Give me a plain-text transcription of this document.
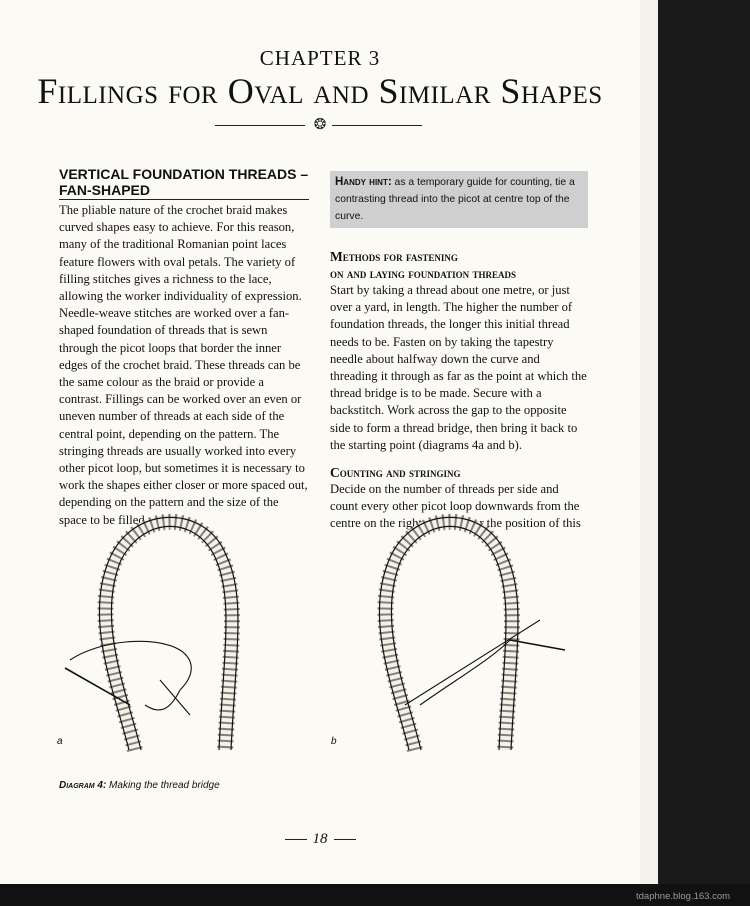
CHAPTER 3
Fillings for Oval and Similar Shapes
❂
VERTICAL FOUNDATION THREADS –

FAN-SHAPED

The pliable nature of the crochet braid makes curved shapes easy to achieve. For this reason, many of the traditional Romanian point laces feature flowers with oval petals. The variety of filling stitches gives a richness to the lace, allowing the worker individuality of expression. Needle-weave stitches are worked over a fan-shaped foundation of threads that is sewn through the picot loops that border the inner edges of the crochet braid. These threads can be the same colour as the braid or provide a contrast. Fillings can be worked over an even or uneven number of threads at each side of the central point, depending on the pattern. The stringing threads are usually worked into every other picot loop, but sometimes it is necessary to work the shapes either closer or more spaced out, depending on the pattern and the size of the space to be filled.

Handy hint: as a temporary guide for counting, tie a contrasting thread into the picot at centre top of the curve.
Methods for fastening
on and laying foundation threads

Start by taking a thread about one metre, or just over a yard, in length. The higher the number of foundation threads, the longer this initial thread needs to be. Fasten on by taking the tapestry needle about halfway down the curve and threading it through as far as the point at which the thread bridge is to be made. Secure with a backstitch. Work across the gap to the opposite side to form a thread bridge, then bring it back to the starting point (diagrams 4a and b).

Counting and stringing

Decide on the number of threads per side and count every other picot loop downwards from the centre on the right. Remember the position of this

a	b
Diagram 4: Making the thread bridge
18
tdaphne.blog.163.com
